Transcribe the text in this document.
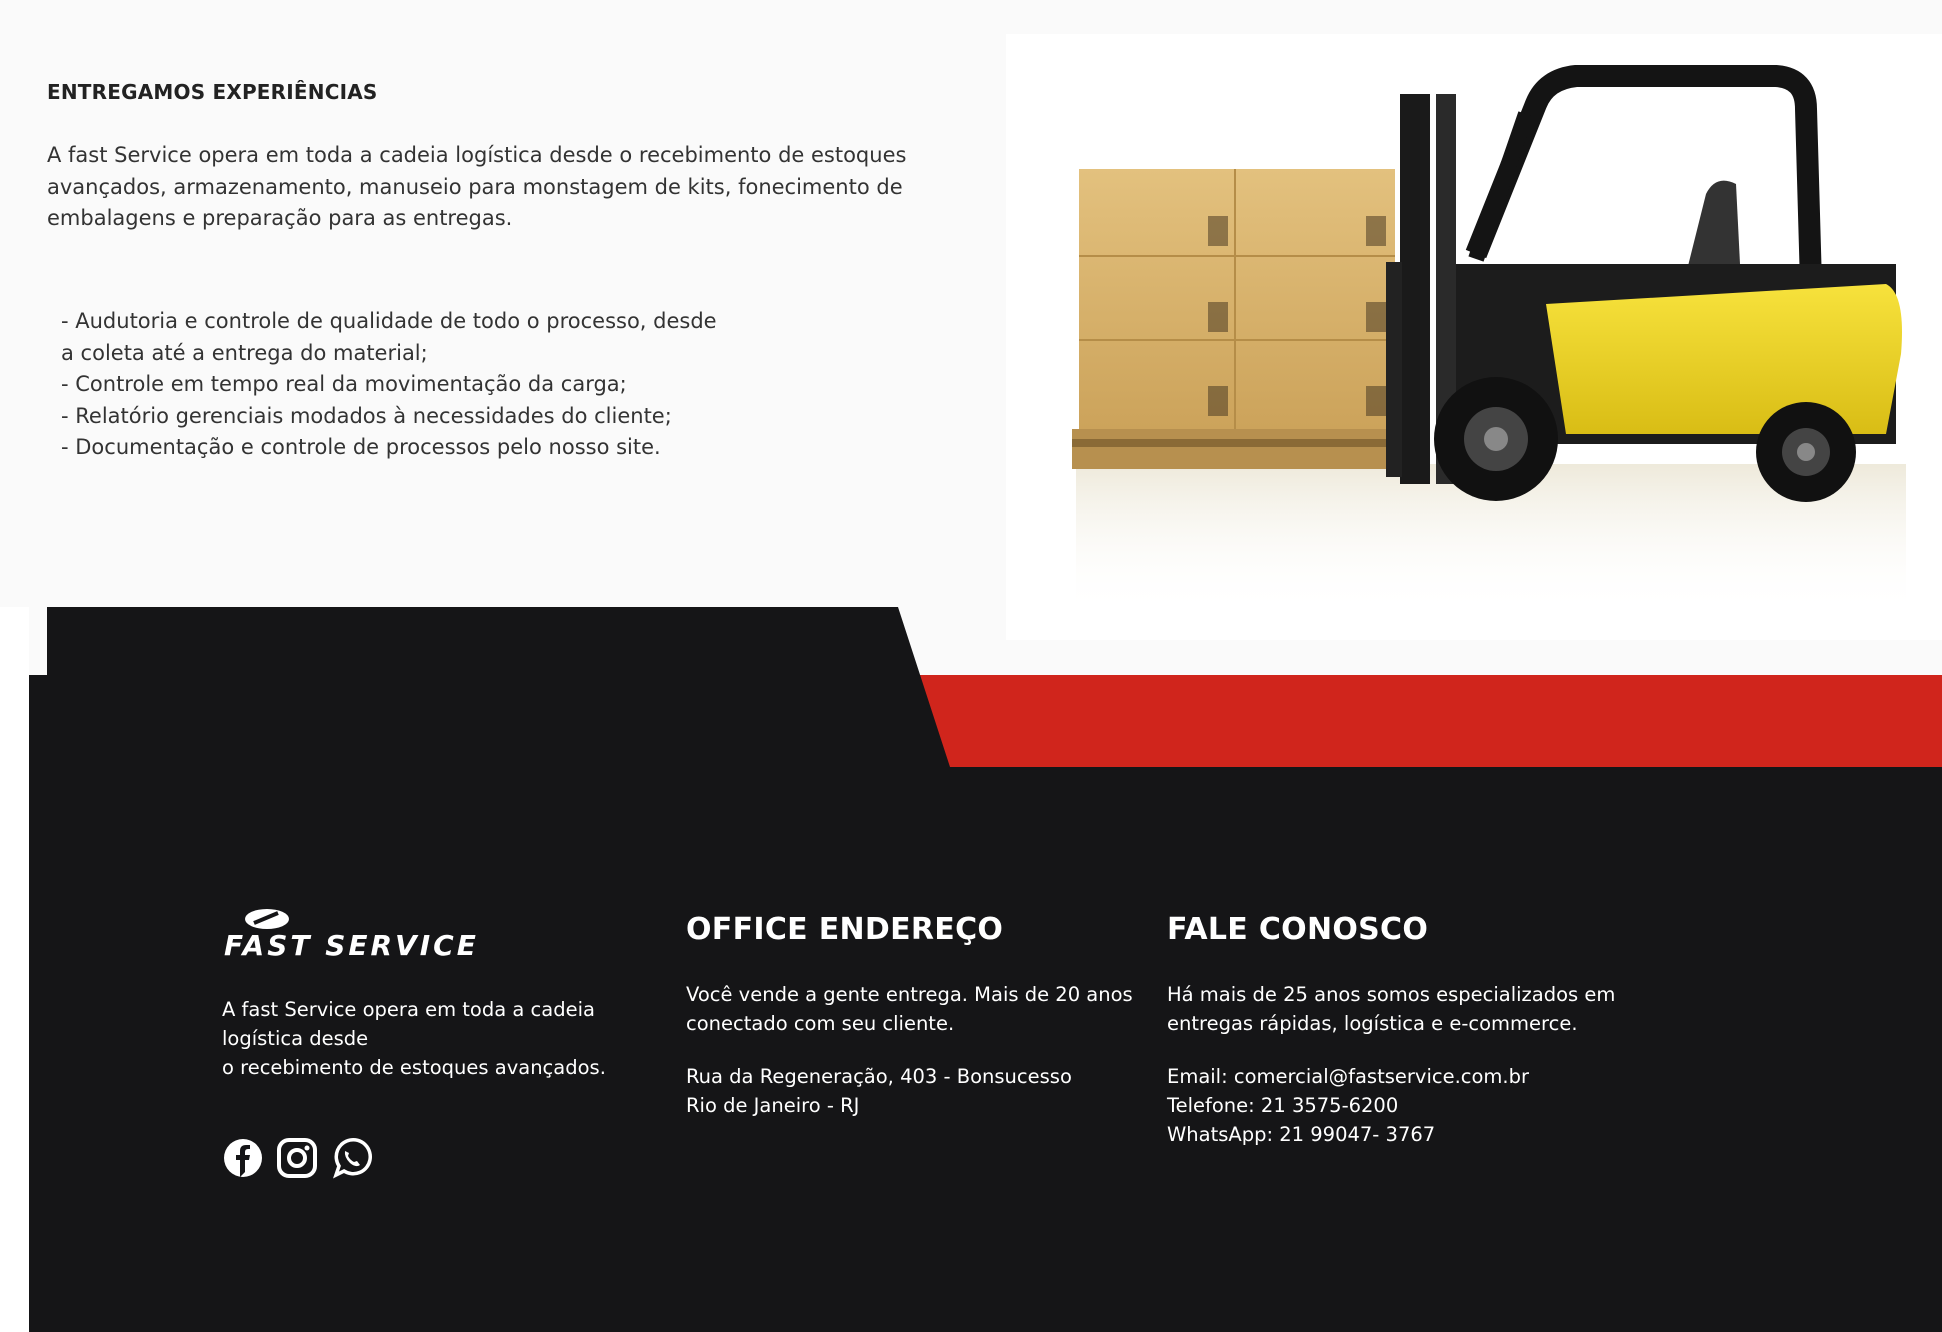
ENTREGAMOS EXPERIÊNCIAS

A fast Service opera em toda a cadeia logística desde o recebimento de estoques avançados, armazenamento, manuseio para monstagem de kits, fonecimento de embalagens e preparação para as entregas.

- Audutoria e controle de qualidade de todo o processo, desde
a coleta até a entrega do material;
- Controle em tempo real da movimentação da carga;
- Relatório gerenciais modados à necessidades do cliente;
- Documentação e controle de processos pelo nosso site.
FAST SERVICE

A fast Service opera em toda a cadeia
logística desde
o recebimento de estoques avançados.

OFFICE ENDEREÇO

Você vende a gente entrega. Mais de 20 anos
conectado com seu cliente.

Rua da Regeneração, 403 - Bonsucesso
Rio de Janeiro - RJ

FALE CONOSCO

Há mais de 25 anos somos especializados em
entregas rápidas, logística e e-commerce.

Email: comercial@fastservice.com.br
Telefone: 21 3575-6200
WhatsApp: 21 99047- 3767
